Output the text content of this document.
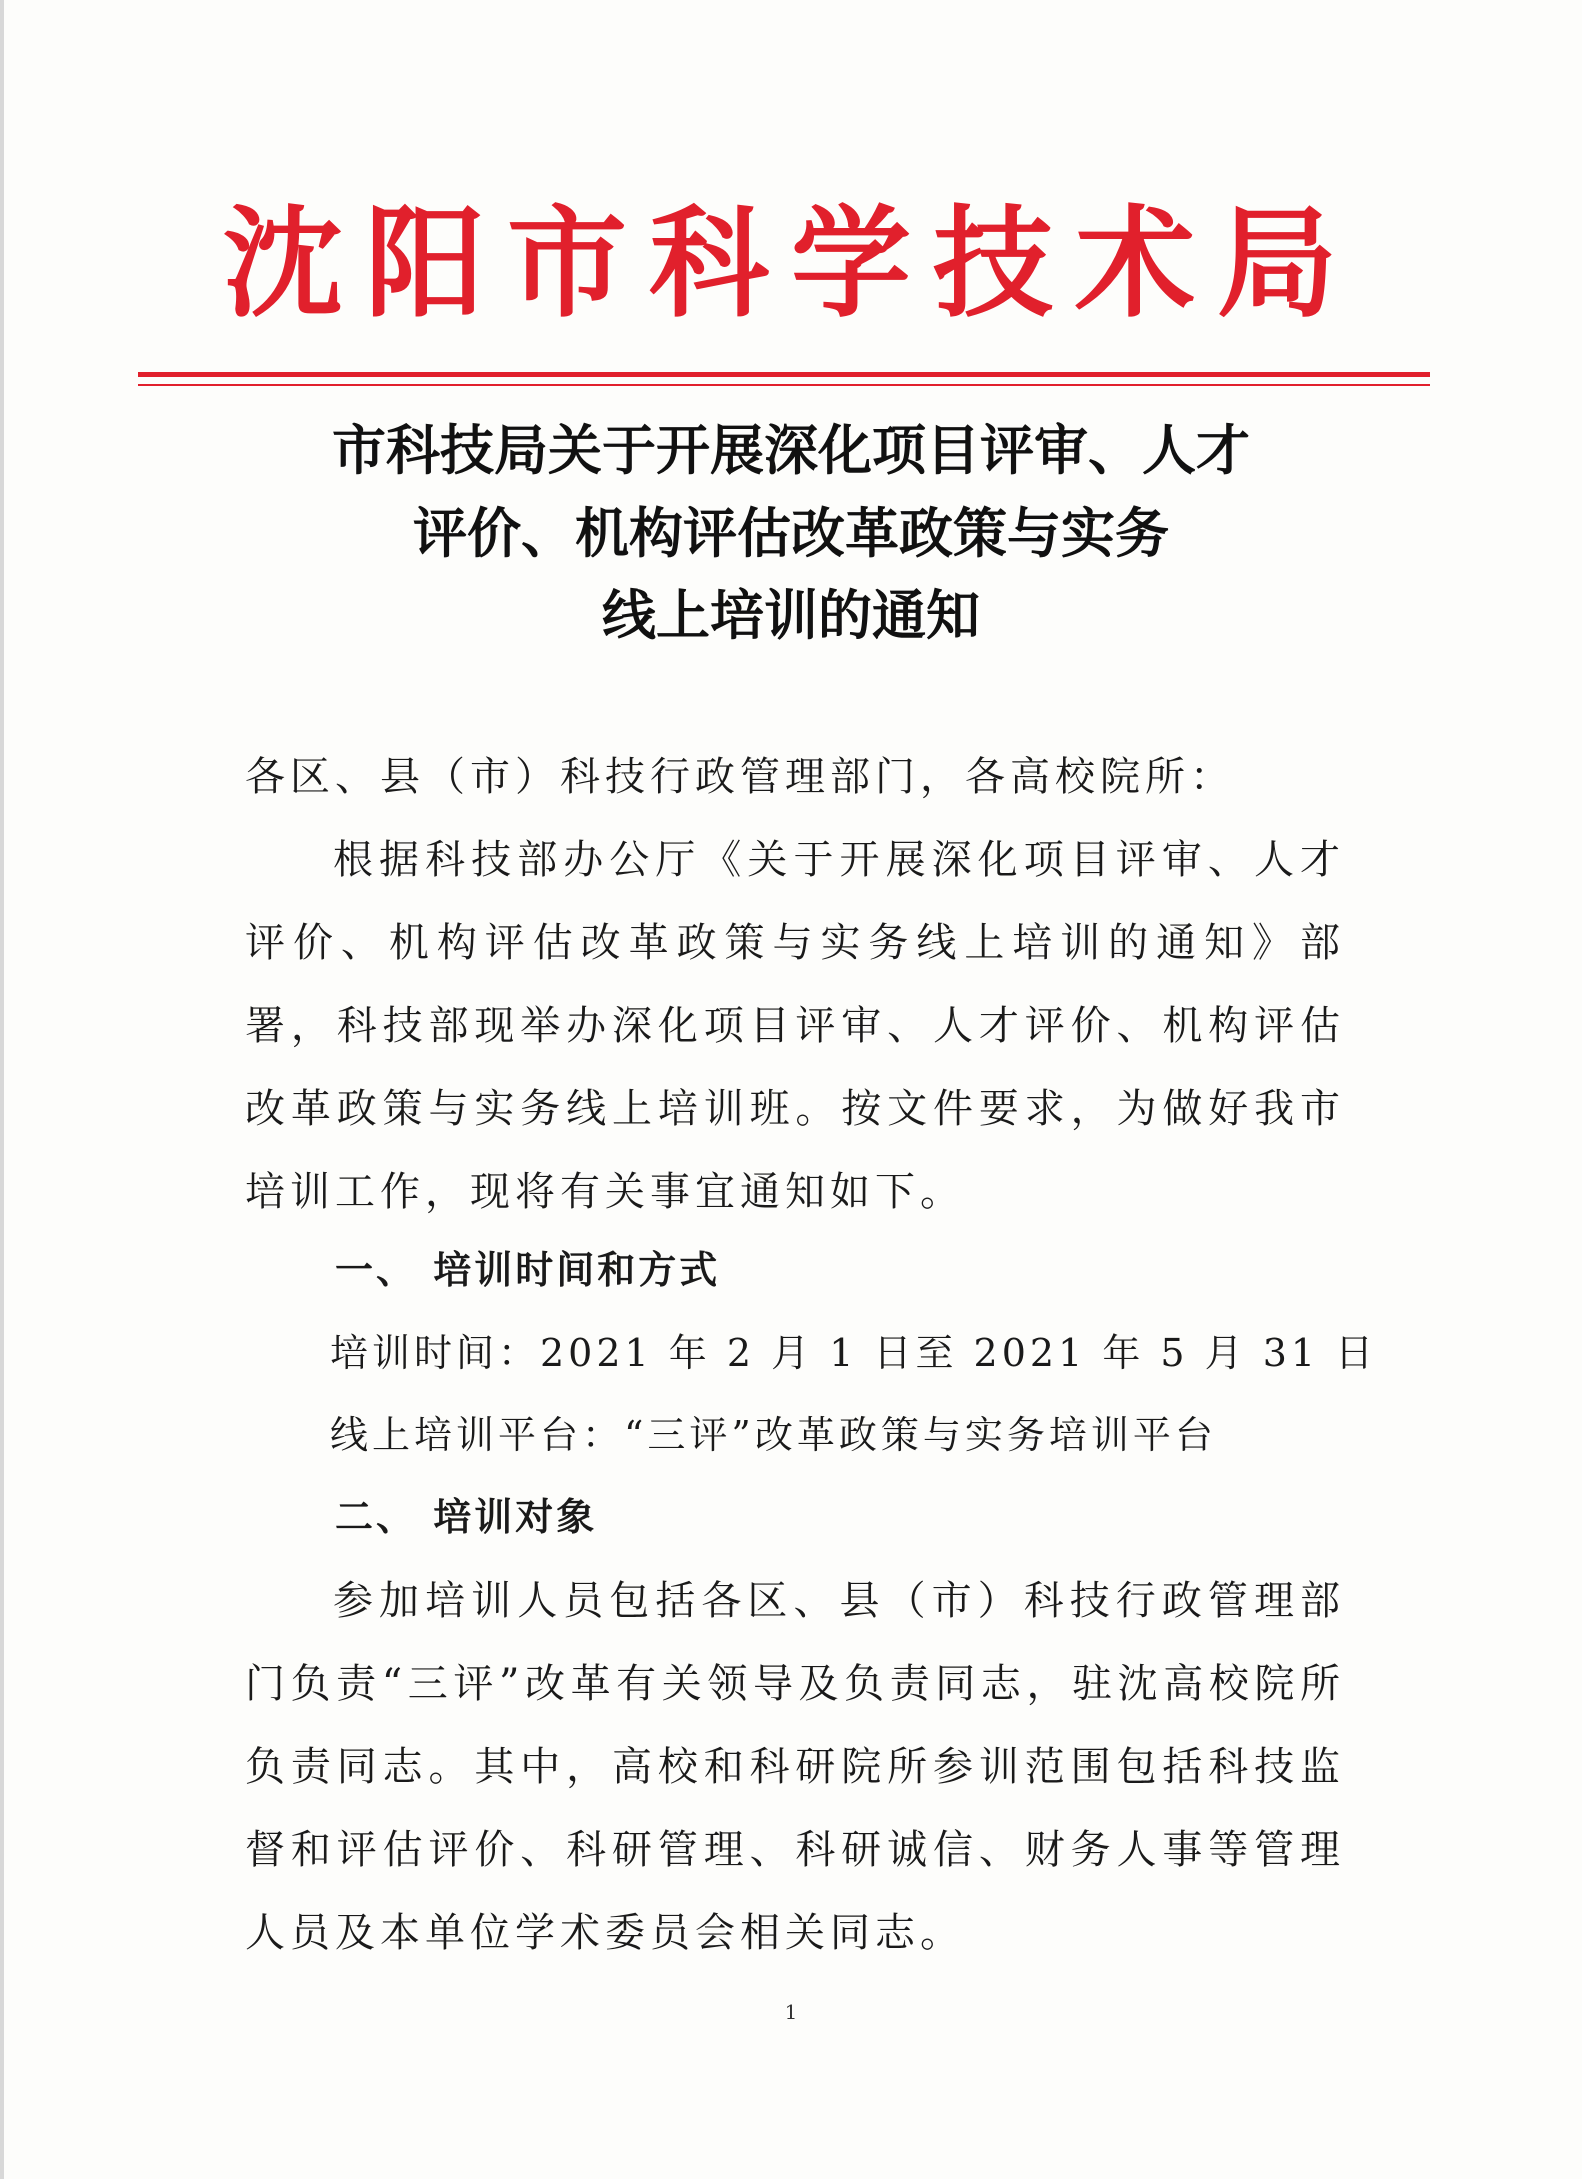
沈阳市科学技术局
市科技局关于开展深化项目评审、人才
评价、机构评估改革政策与实务
线上培训的通知
各区、县（市）科技行政管理部门，各高校院所：
根据科技部办公厅《关于开展深化项目评审、人才评价、机构评估改革政策与实务线上培训的通知》部署，科技部现举办深化项目评审、人才评价、机构评估改革政策与实务线上培训班。按文件要求，为做好我市培训工作，现将有关事宜通知如下。
一、 培训时间和方式
培训时间：2021 年 2 月 1 日至 2021 年 5 月 31 日
线上培训平台：“三评”改革政策与实务培训平台
二、 培训对象
参加培训人员包括各区、县（市）科技行政管理部门负责“三评”改革有关领导及负责同志，驻沈高校院所负责同志。其中，高校和科研院所参训范围包括科技监督和评估评价、科研管理、科研诚信、财务人事等管理人员及本单位学术委员会相关同志。
1
